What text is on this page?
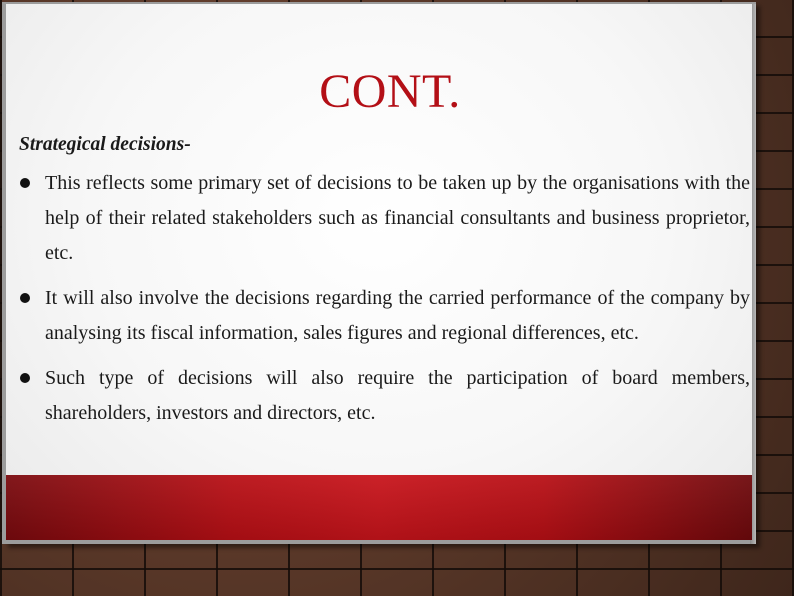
CONT.
Strategical decisions-
This reflects some primary set of decisions to be taken up by the organisations with the help of their related stakeholders such as financial consultants and business proprietor, etc.
It will also involve the decisions regarding the carried performance of the company by analysing its fiscal information, sales figures and regional differences, etc.
Such type of decisions will also require the participation of board members, shareholders, investors and directors, etc.
